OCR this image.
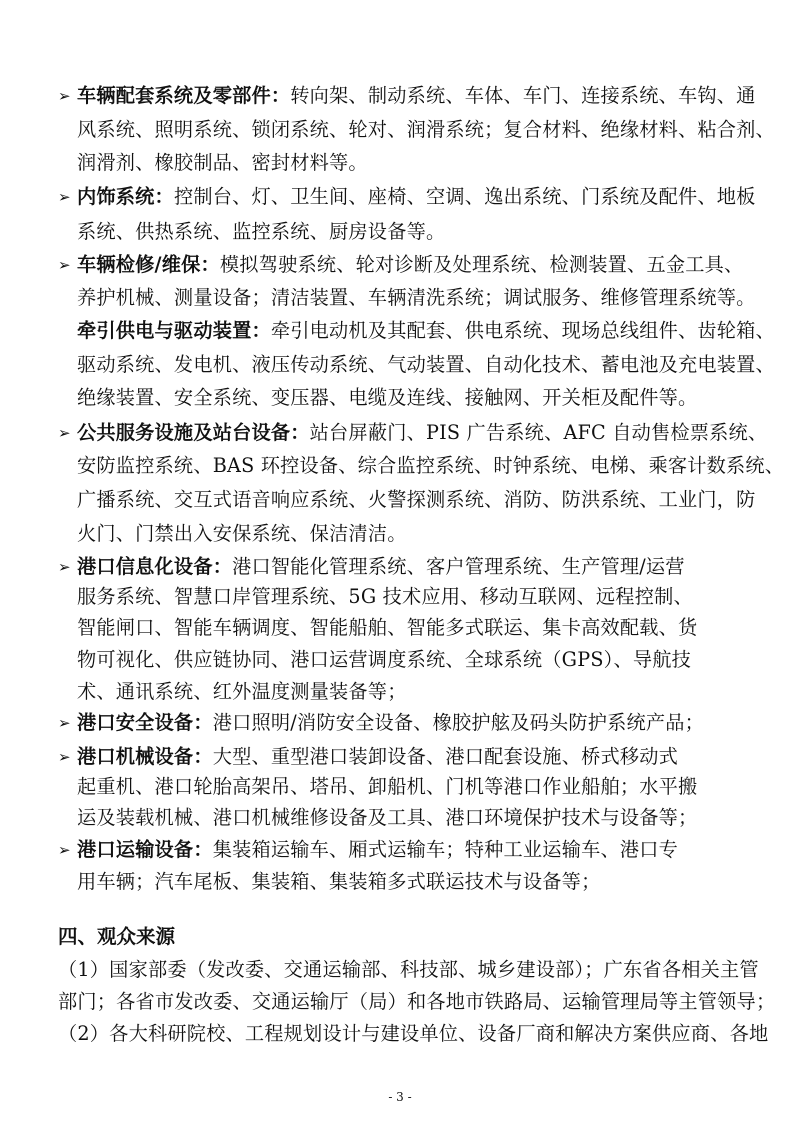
➢ 车辆配套系统及零部件：转向架、制动系统、车体、车门、连接系统、车钩、通
风系统、照明系统、锁闭系统、轮对、润滑系统；复合材料、绝缘材料、粘合剂、
润滑剂、橡胶制品、密封材料等。
➢ 内饰系统：控制台、灯、卫生间、座椅、空调、逸出系统、门系统及配件、地板
系统、供热系统、监控系统、厨房设备等。
➢ 车辆检修/维保：模拟驾驶系统、轮对诊断及处理系统、检测装置、五金工具、
养护机械、测量设备；清洁装置、车辆清洗系统；调试服务、维修管理系统等。
牵引供电与驱动装置：牵引电动机及其配套、供电系统、现场总线组件、齿轮箱、
驱动系统、发电机、液压传动系统、气动装置、自动化技术、蓄电池及充电装置、
绝缘装置、安全系统、变压器、电缆及连线、接触网、开关柜及配件等。
➢ 公共服务设施及站台设备：站台屏蔽门、PIS 广告系统、AFC 自动售检票系统、
安防监控系统、BAS 环控设备、综合监控系统、时钟系统、电梯、乘客计数系统、
广播系统、交互式语音响应系统、火警探测系统、消防、防洪系统、工业门，防
火门、门禁出入安保系统、保洁清洁。
➢ 港口信息化设备：港口智能化管理系统、客户管理系统、生产管理/运营
服务系统、智慧口岸管理系统、5G 技术应用、移动互联网、远程控制、
智能闸口、智能车辆调度、智能船舶、智能多式联运、集卡高效配载、货
物可视化、供应链协同、港口运营调度系统、全球系统（GPS）、导航技
术、通讯系统、红外温度测量装备等；
➢ 港口安全设备：港口照明/消防安全设备、橡胶护舷及码头防护系统产品；
➢ 港口机械设备：大型、重型港口装卸设备、港口配套设施、桥式移动式
起重机、港口轮胎高架吊、塔吊、卸船机、门机等港口作业船舶；水平搬
运及装载机械、港口机械维修设备及工具、港口环境保护技术与设备等；
➢ 港口运输设备：集装箱运输车、厢式运输车；特种工业运输车、港口专
用车辆；汽车尾板、集装箱、集装箱多式联运技术与设备等；
四、观众来源
（1）国家部委（发改委、交通运输部、科技部、城乡建设部）；广东省各相关主管
部门；各省市发改委、交通运输厅（局）和各地市铁路局、运输管理局等主管领导；
（2）各大科研院校、工程规划设计与建设单位、设备厂商和解决方案供应商、各地
- 3 -
